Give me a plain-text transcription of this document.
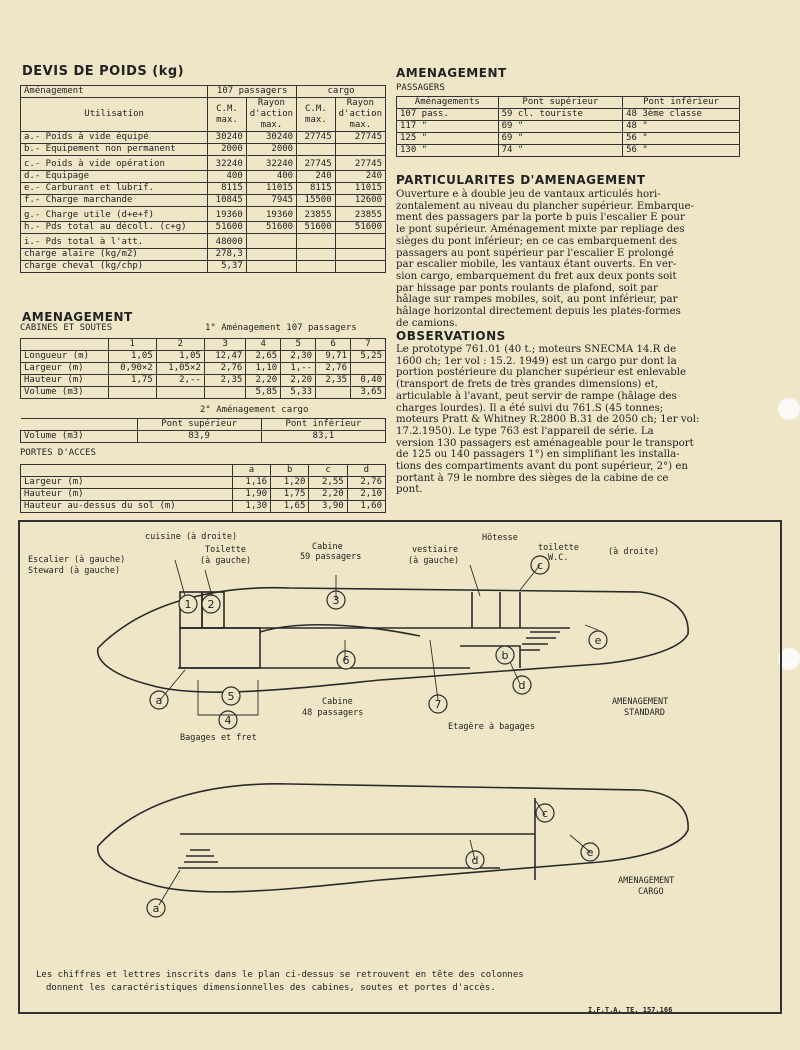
DEVIS DE POIDS (kg)
Aménagement	107 passagers		cargo	
Utilisation	C.M. max.	Rayon d'action max.	C.M. max.	Rayon d'action max.
a.- Poids à vide équipé	30240	30240	27745	27745
b.- Equipement non permanent	2000	2000		
c.- Poids à vide opération	32240	32240	27745	27745
d.- Equipage	400	400	240	240
e.- Carburant et lubrif.	8115	11015	8115	11015
f.- Charge marchande	10845	7945	15500	12600
g.- Charge utile (d+e+f)	19360	19360	23855	23855
h.- Pds total au décoll. (c+g)	51600	51600	51600	51600
i.- Pds total à l'att.	48000			
charge alaire (kg/m2)	278,3			
charge cheval (kg/chp)	5,37			
AMENAGEMENT
PASSAGERS
Aménagements	Pont supérieur	Pont inférieur
107 pass.	59 cl. touriste	48 3ème classe
117 "	69 "	48 "
125 "	69 "	56 "
130 "	74 "	56 "
PARTICULARITES D'AMENAGEMENT
Ouverture e à double jeu de vantaux articulés hori-
zontalement au niveau du plancher supérieur. Embarque-
ment des passagers par la porte b puis l'escalier E pour
le pont supérieur. Aménagement mixte par repliage des
sièges du pont inférieur; en ce cas embarquement des
passagers au pont supérieur par l'escalier E prolongé
par escalier mobile, les vantaux étant ouverts. En ver-
sion cargo, embarquement du fret aux deux ponts soit
par hissage par ponts roulants de plafond, soit par
hâlage sur rampes mobiles, soit, au pont inférieur, par
hâlage horizontal directement depuis les plates-formes
de camions.
OBSERVATIONS
Le prototype 761.01 (40 t.; moteurs SNECMA 14.R de
1600 ch; 1er vol : 15.2. 1949) est un cargo pur dont la
portion postérieure du plancher supérieur est enlevable
(transport de frets de très grandes dimensions) et,
articulable à l'avant, peut servir de rampe (hâlage des
charges lourdes). Il a été suivi du 761.S (45 tonnes;
moteurs Pratt & Whitney R.2800 B.31 de 2050 ch; 1er vol:
17.2.1950). Le type 763 est l'appareil de série. La
version 130 passagers est aménageable pour le transport
de 125 ou 140 passagers 1°) en simplifiant les installa-
tions des compartiments avant du pont supérieur, 2°) en
portant à 79 le nombre des sièges de la cabine de ce
pont.
AMENAGEMENT
CABINES ET SOUTES	1° Aménagement 107 passagers
	1	2	3	4	5	6	7
Longueur (m)	1,05	1,05	12,47	2,65	2,30	9,71	5,25
Largeur (m)	0,90×2	1,05×2	2,76	1,10	1,--	2,76	
Hauteur (m)	1,75	2,--	2,35	2,20	2,20	2,35	0,40
Volume (m3)				5,85	5,33		3,65
2° Aménagement cargo
	Pont supérieur	Pont inférieur
Volume (m3)	83,9	83,1
PORTES D'ACCES
	a	b	c	d
Largeur (m)	1,16	1,20	2,55	2,76
Hauteur (m)	1,90	1,75	2,20	2,10
Hauteur au-dessus du sol (m)	1,30	1,65	3,90	1,60
1 2	3
4
5
6
7
a
b
c
d
e
a
c
d
e
cuisine (à droite)
Toilette
(à gauche)
Escalier (à gauche)
Steward (à gauche)
Cabine
59 passagers
vestiaire
(à gauche)
Hôtesse
toilette
W.C.
(à droite)
Cabine
48 passagers
Bagages et fret
Etagère à bagages
AMENAGEMENT
STANDARD
AMENAGEMENT
CARGO
Les chiffres et lettres inscrits dans le plan ci-dessus se retrouvent en tête des colonnes
donnent les caractéristiques dimensionnelles des cabines, soutes et portes d'accès.
I.F.T.A. TE. 157.166
